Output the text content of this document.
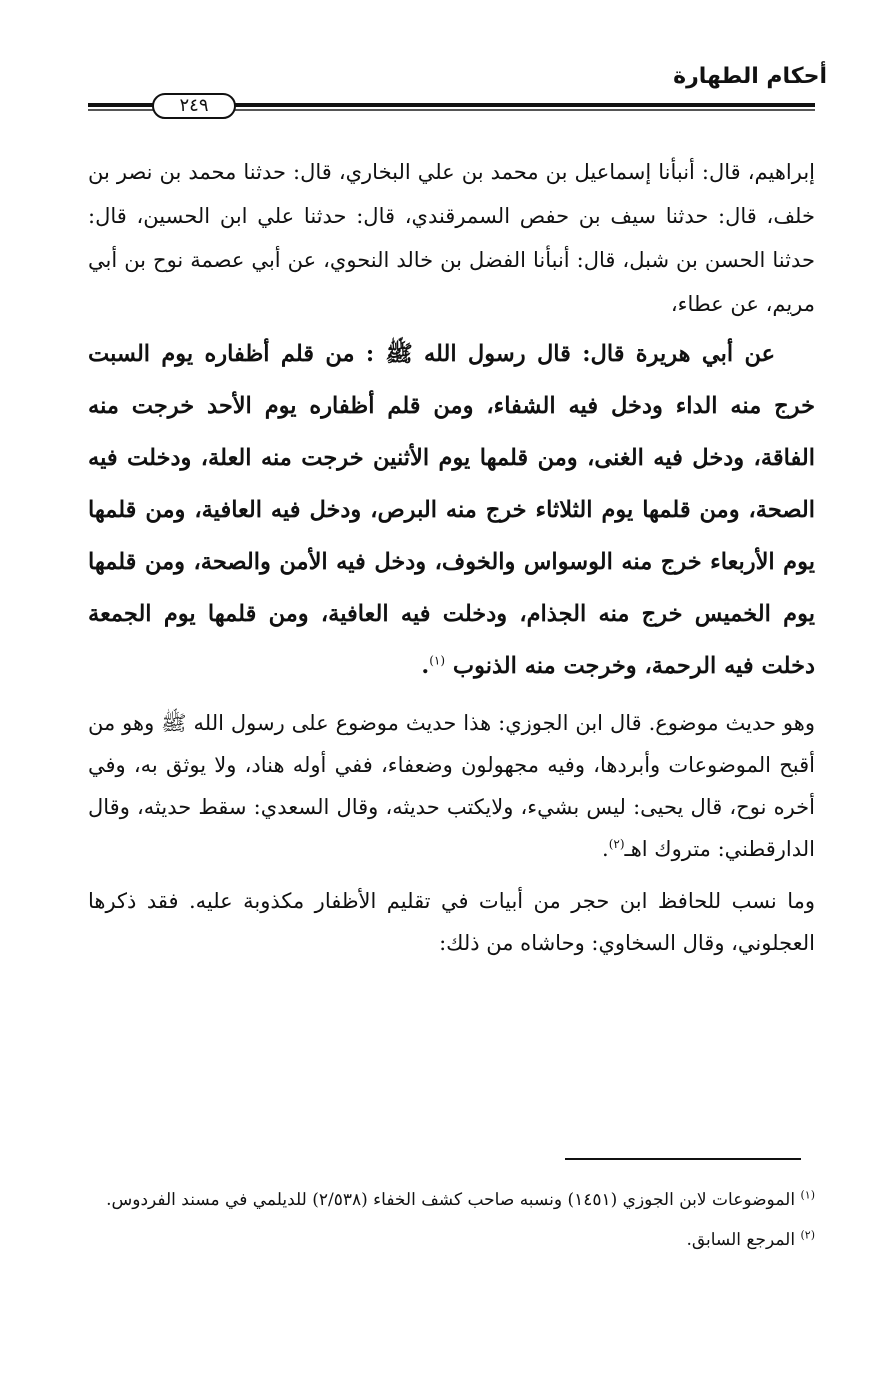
أحكام الطهارة
٢٤٩

إبراهيم، قال: أنبأنا إسماعيل بن محمد بن علي البخاري، قال: حدثنا محمد بن نصر بن خلف، قال: حدثنا سيف بن حفص السمرقندي، قال: حدثنا علي ابن الحسين، قال: حدثنا الحسن بن شبل، قال: أنبأنا الفضل بن خالد النحوي، عن أبي عصمة نوح بن أبي مريم، عن عطاء،

عن أبي هريرة قال: قال رسول الله ﷺ : من قلم أظفاره يوم السبت خرج منه الداء ودخل فيه الشفاء، ومن قلم أظفاره يوم الأحد خرجت منه الفاقة، ودخل فيه الغنى، ومن قلمها يوم الأثنين خرجت منه العلة، ودخلت فيه الصحة، ومن قلمها يوم الثلاثاء خرج منه البرص، ودخل فيه العافية، ومن قلمها يوم الأربعاء خرج منه الوسواس والخوف، ودخل فيه الأمن والصحة، ومن قلمها يوم الخميس خرج منه الجذام، ودخلت فيه العافية، ومن قلمها يوم الجمعة دخلت فيه الرحمة، وخرجت منه الذنوب $^{(١)}$.

وهو حديث موضوع. قال ابن الجوزي: هذا حديث موضوع على رسول الله ﷺ وهو من أقبح الموضوعات وأبردها، وفيه مجهولون وضعفاء، ففي أوله هناد، ولا يوثق به، وفي أخره نوح، قال يحيى: ليس بشيء، ولايكتب حديثه، وقال السعدي: سقط حديثه، وقال الدارقطني: متروك اهـ$^{(٢)}$.

وما نسب للحافظ ابن حجر من أبيات في تقليم الأظفار مكذوبة عليه. فقد ذكرها العجلوني، وقال السخاوي: وحاشاه من ذلك:

$^{(١)}$ الموضوعات لابن الجوزي (١٤٥١) ونسبه صاحب كشف الخفاء (٢/٥٣٨) للديلمي في مسند الفردوس.

$^{(٢)}$ المرجع السابق.
